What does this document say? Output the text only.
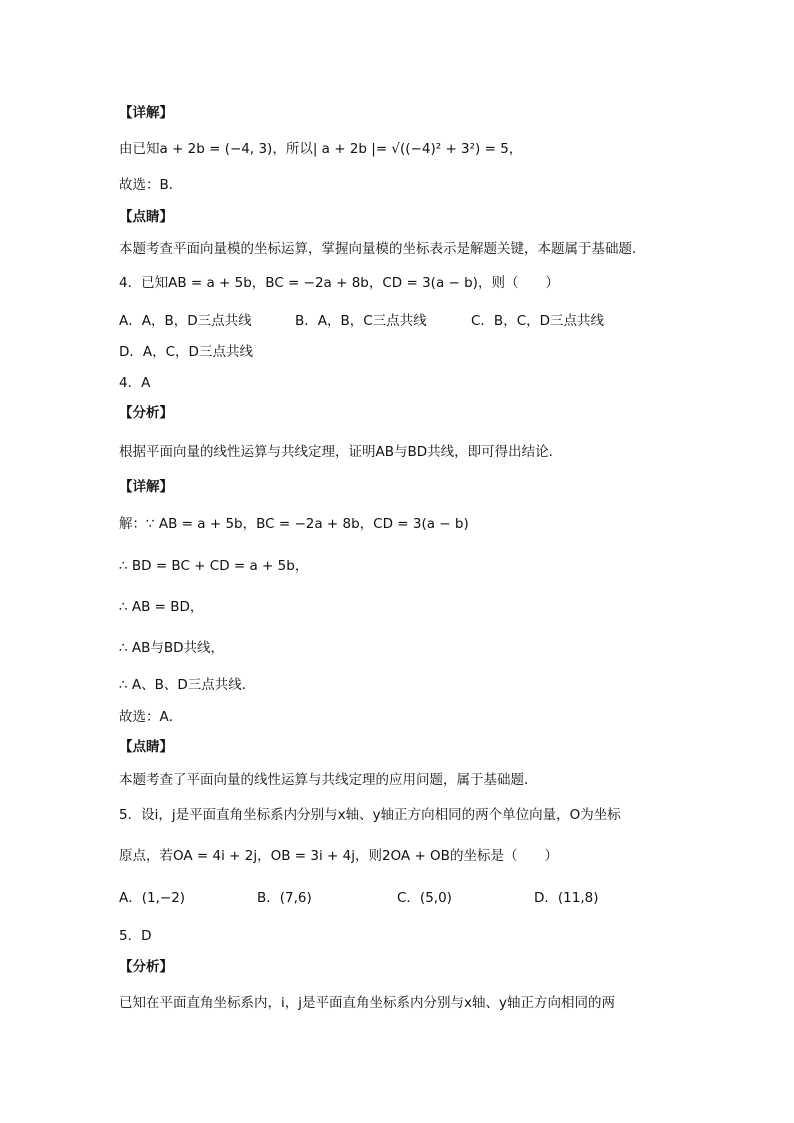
【详解】
由已知a + 2b = (−4, 3)，所以| a + 2b |= √((−4)² + 3²) = 5，
故选：B．
【点睛】
本题考查平面向量模的坐标运算，掌握向量模的坐标表示是解题关键，本题属于基础题．
4．已知AB = a + 5b，BC = −2a + 8b，CD = 3(a − b)，则（　　）
A．A，B，D三点共线	B．A，B，C三点共线	C．B，C，D三点共线
D．A，C，D三点共线
4．A
【分析】
根据平面向量的线性运算与共线定理，证明AB与BD共线，即可得出结论．
【详解】
解：∵ AB = a + 5b，BC = −2a + 8b，CD = 3(a − b)
∴ BD = BC + CD = a + 5b，
∴ AB = BD，
∴ AB与BD共线，
∴ A、B、D三点共线．
故选：A．
【点睛】
本题考查了平面向量的线性运算与共线定理的应用问题，属于基础题．
5．设i，j是平面直角坐标系内分别与x轴、y轴正方向相同的两个单位向量，O为坐标
原点，若OA = 4i + 2j，OB = 3i + 4j，则2OA + OB的坐标是（　　）
A．(1,−2)	B．(7,6)	C．(5,0)	D．(11,8)
5．D
【分析】
已知在平面直角坐标系内，i，j是平面直角坐标系内分别与x轴、y轴正方向相同的两
